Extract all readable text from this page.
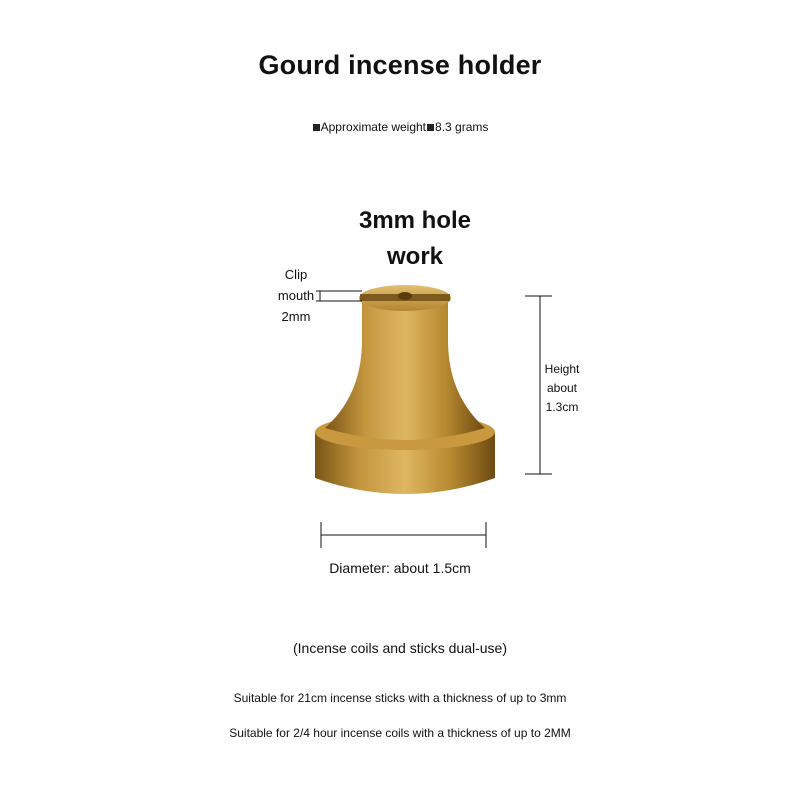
Gourd incense holder
Approximate weight 8.3 grams
3mm hole
work
Clip
mouth
2mm
Height
about
1.3cm
Diameter: about 1.5cm
(Incense coils and sticks dual-use)
Suitable for 21cm incense sticks with a thickness of up to 3mm
Suitable for 2/4 hour incense coils with a thickness of up to 2MM
